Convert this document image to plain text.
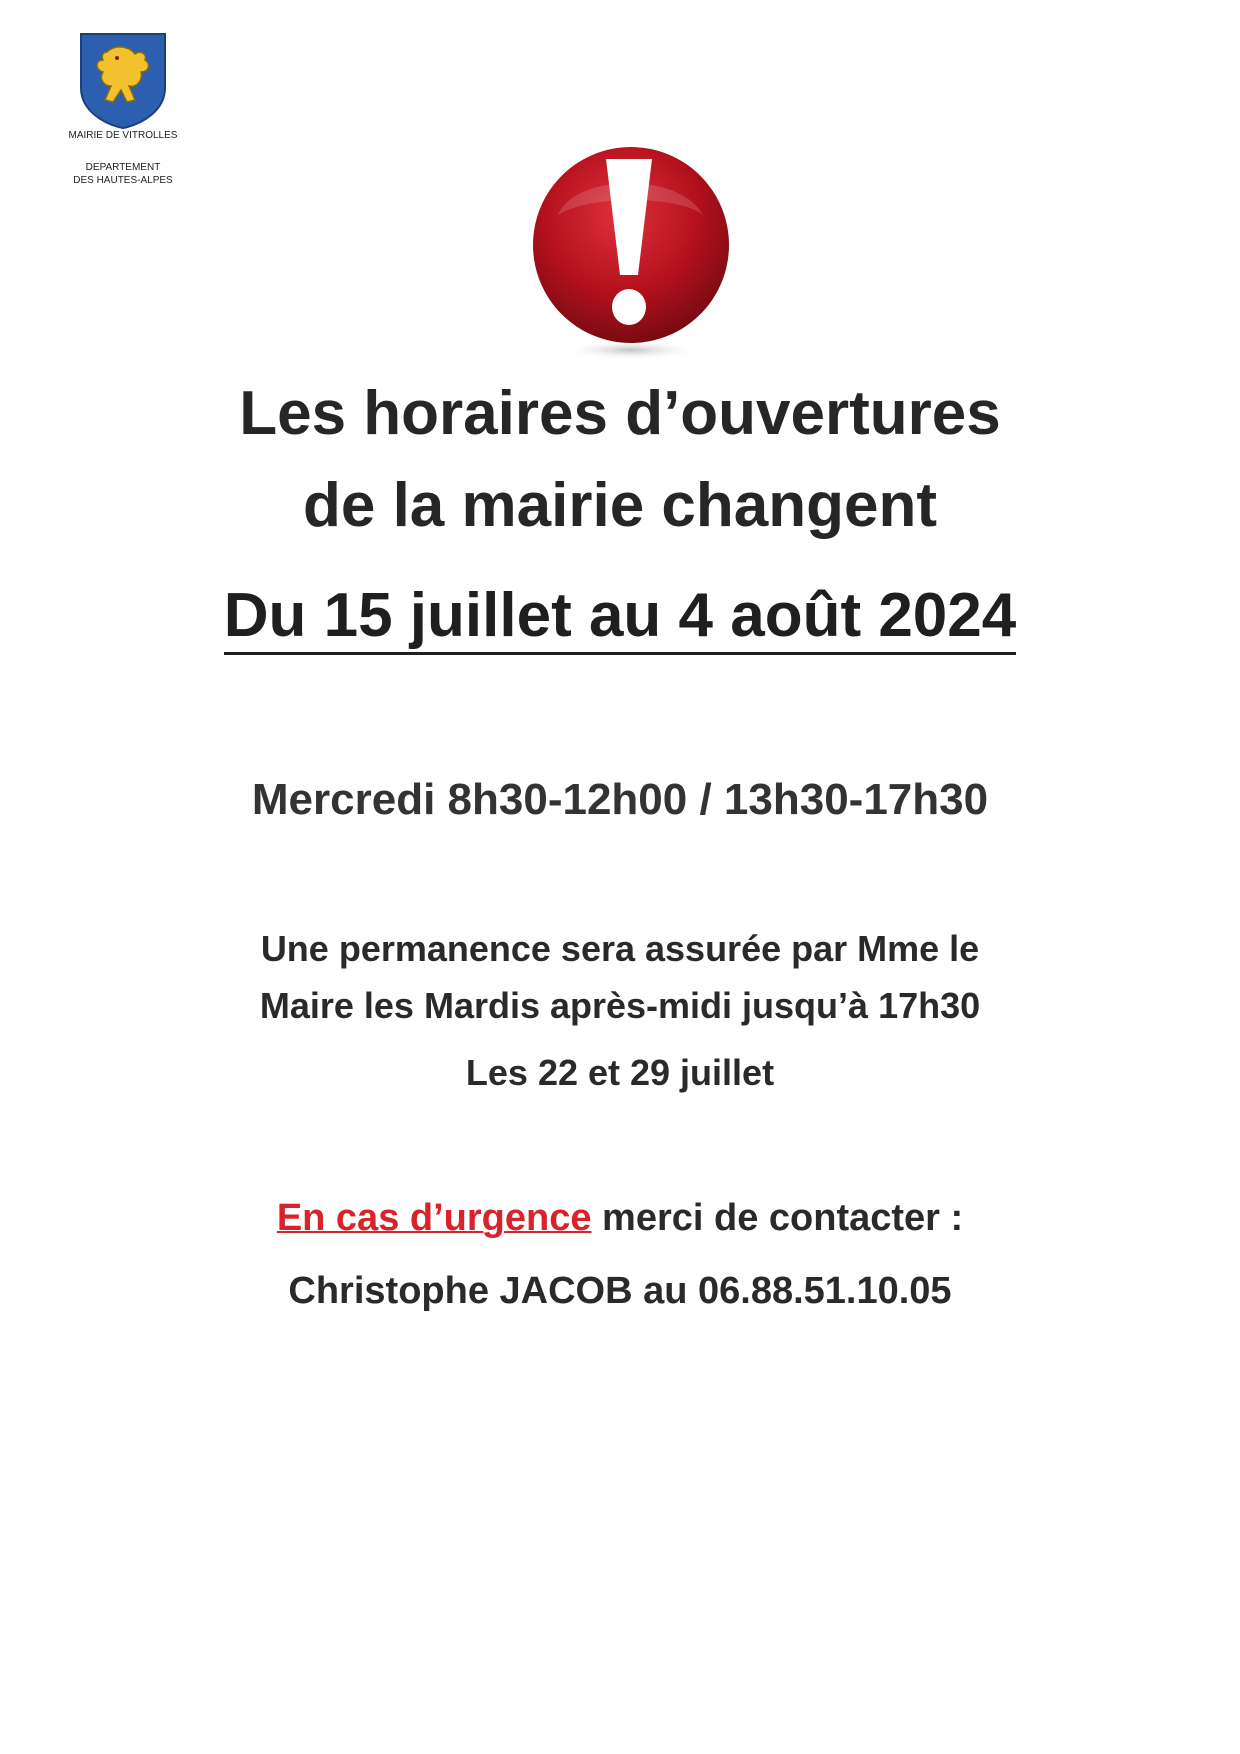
MAIRIE DE VITROLLES
DEPARTEMENT
DES HAUTES-ALPES
Les horaires d’ouvertures
de la mairie changent
Du 15 juillet au 4 août 2024
Mercredi 8h30-12h00 / 13h30-17h30
Une permanence sera assurée par Mme le
Maire les Mardis après-midi jusqu’à 17h30
Les 22 et 29 juillet
En cas d’urgence merci de contacter :
Christophe JACOB au 06.88.51.10.05
